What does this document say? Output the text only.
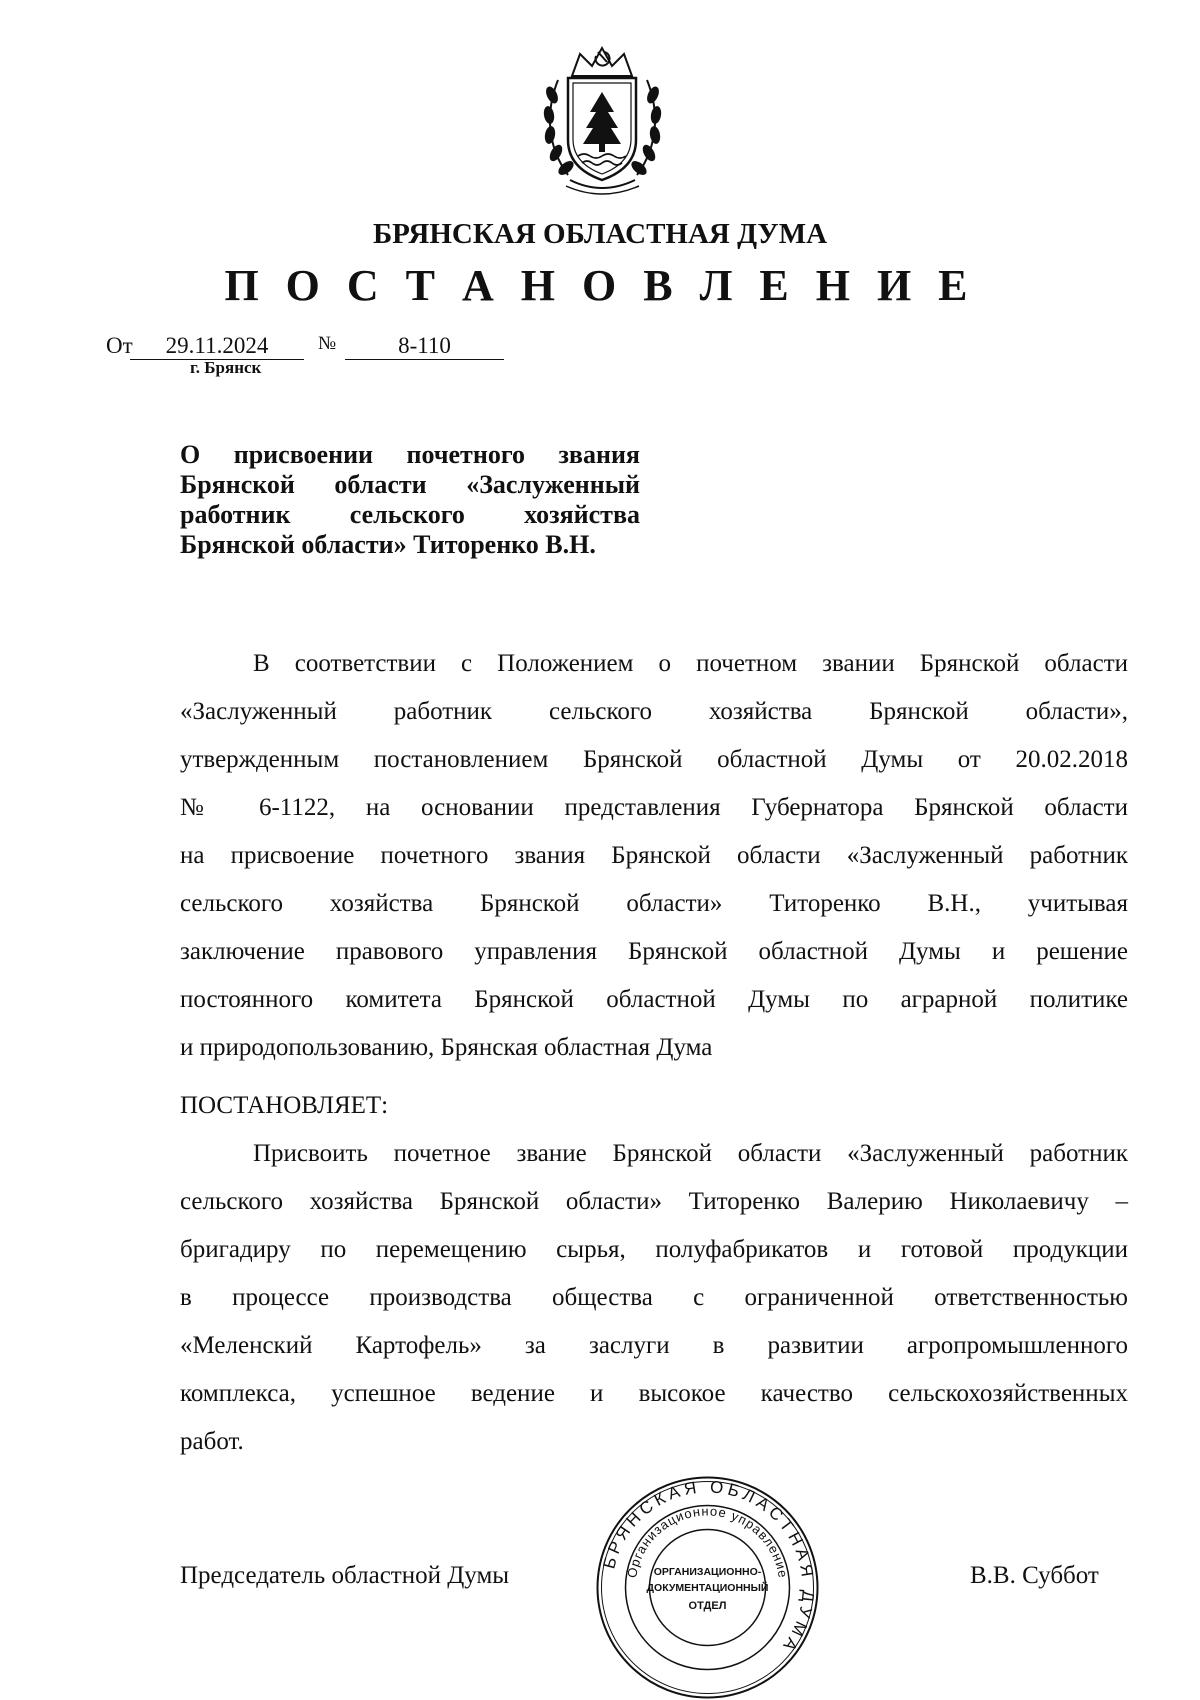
БРЯНСКАЯ ОБЛАСТНАЯ ДУМА
П О С Т А Н О В Л Е Н И Е
От	29.11.2024	№	8-110
г. Брянск
О присвоении почетного звания
Брянской области «Заслуженный
работник сельского хозяйства
Брянской области» Титоренко В.Н.
В соответствии с Положением о почетном звании Брянской области
«Заслуженный работник сельского хозяйства Брянской области»,
утвержденным постановлением Брянской областной Думы от 20.02.2018
№ 6-1122, на основании представления Губернатора Брянской области
на присвоение почетного звания Брянской области «Заслуженный работник
сельского хозяйства Брянской области» Титоренко В.Н., учитывая
заключение правового управления Брянской областной Думы и решение
постоянного комитета Брянской областной Думы по аграрной политике
и природопользованию, Брянская областная Дума
ПОСТАНОВЛЯЕТ:
Присвоить почетное звание Брянской области «Заслуженный работник
сельского хозяйства Брянской области» Титоренко Валерию Николаевичу –
бригадиру по перемещению сырья, полуфабрикатов и готовой продукции
в процессе производства общества с ограниченной ответственностью
«Меленский Картофель» за заслуги в развитии агропромышленного
комплекса, успешное ведение и высокое качество сельскохозяйственных
работ.
Председатель областной Думы	В.В. Суббот
БРЯНСКАЯ ОБЛАСТНАЯ ДУМА
Организационное управление
ОРГАНИЗАЦИОННО-
ДОКУМЕНТАЦИОННЫЙ
ОТДЕЛ
